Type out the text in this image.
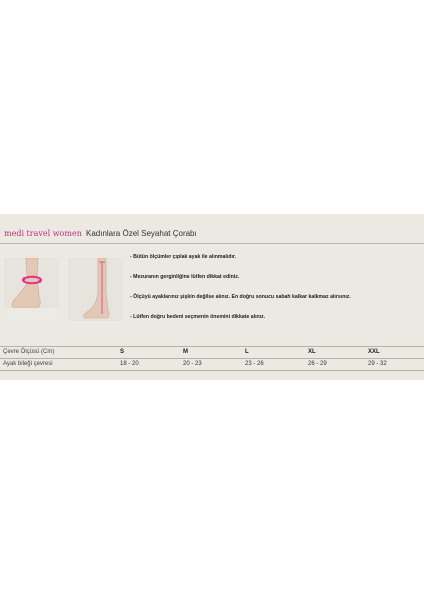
medi travel women Kadınlara Özel Seyahat Çorabı
- Bütün ölçümler çıplak ayak ile alınmalıdır.
- Mezuranın gerginliğine lütfen dikkat ediniz.
- Ölçüyü ayaklarınız şişkin değilse alınız. En doğru sonucu sabah kalkar kalkmaz alırsınız.
- Lütfen doğru bedeni seçmenin önemini dikkate alınız.
Çevre Ölçüsü (Cm)	S	M	L	XL	XXL
Ayak bileği çevresi	18 - 20	20 - 23	23 - 26	26 - 29	29 - 32
